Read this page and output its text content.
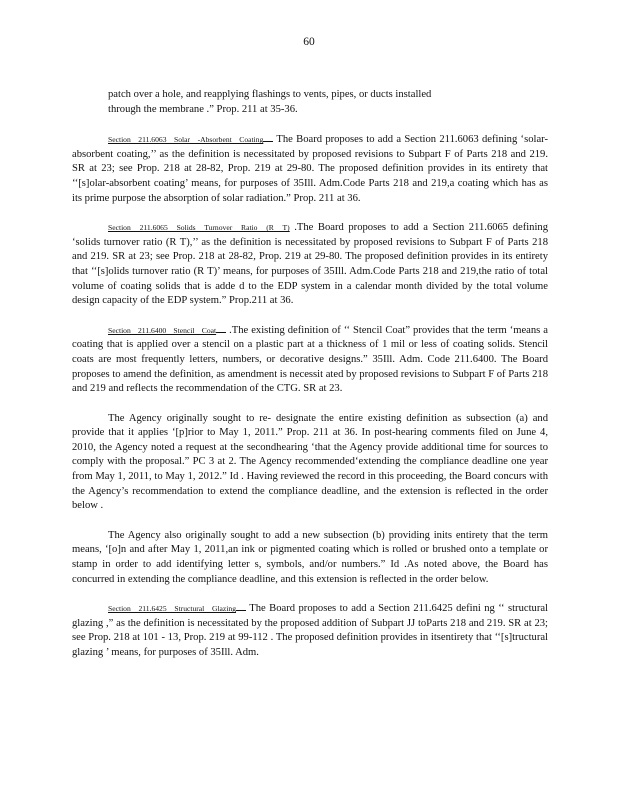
60

patch over a hole, and reapplying flashings to vents, pipes, or ducts installed through the membrane .” Prop. 211 at 35-36.

Section 211.6063 Solar -Absorbent Coating The Board proposes to add a Section 211.6063 defining ‘solar-absorbent coating,’’ as the definition is necessitated by proposed revisions to Subpart F of Parts 218 and 219. SR at 23; see Prop. 218 at 28-82, Prop. 219 at 29-80. The proposed definition provides in its entirety that ‘‘[s]olar-absorbent coating’ means, for purposes of 35Ill. Adm.Code Parts 218 and 219,a coating which has as its prime purpose the absorption of solar radiation.” Prop. 211 at 36.

Section 211.6065 Solids Turnover Ratio (R T) .The Board proposes to add a Section 211.6065 defining ‘solids turnover ratio (R T),’’ as the definition is necessitated by proposed revisions to Subpart F of Parts 218 and 219. SR at 23; see Prop. 218 at 28-82, Prop. 219 at 29-80. The proposed definition provides in its entirety that ‘‘[s]olids turnover ratio (R T)’ means, for purposes of 35Ill. Adm.Code Parts 218 and 219,the ratio of total volume of coating solids that is adde d to the EDP system in a calendar month divided by the total volume design capacity of the EDP system.” Prop.211 at 36.

Section 211.6400 Stencil Coat .The existing definition of ‘‘ Stencil Coat” provides that the term ‘means a coating that is applied over a stencil on a plastic part at a thickness of 1 mil or less of coating solids. Stencil coats are most frequently letters, numbers, or decorative designs.” 35Ill. Adm. Code 211.6400. The Board proposes to amend the definition, as amendment is necessit ated by proposed revisions to Subpart F of Parts 218 and 219 and reflects the recommendation of the CTG. SR at 23.

The Agency originally sought to re- designate the entire existing definition as subsection (a) and provide that it applies ‘[p]rior to May 1, 2011.” Prop. 211 at 36. In post-hearing comments filed on June 4, 2010, the Agency noted a request at the secondhearing ‘that the Agency provide additional time for sources to comply with the proposal.” PC 3 at 2. The Agency recommended‘extending the compliance deadline one year from May 1, 2011, to May 1, 2012.” Id . Having reviewed the record in this proceeding, the Board concurs with the Agency’s recommendation to extend the compliance deadline, and the extension is reflected in the order below .

The Agency also originally sought to add a new subsection (b) providing inits entirety that the term means, ‘[o]n and after May 1, 2011,an ink or pigmented coating which is rolled or brushed onto a template or stamp in order to add identifying letter s, symbols, and/or numbers.” Id .As noted above, the Board has concurred in extending the compliance deadline, and this extension is reflected in the order below.

Section 211.6425 Structural Glazing The Board proposes to add a Section 211.6425 defini ng ‘‘ structural glazing ,” as the definition is necessitated by the proposed addition of Subpart JJ toParts 218 and 219. SR at 23; see Prop. 218 at 101 - 13, Prop. 219 at 99-112 . The proposed definition provides in itsentirety that ‘‘[s]tructural glazing ’ means, for purposes of 35Ill. Adm.
